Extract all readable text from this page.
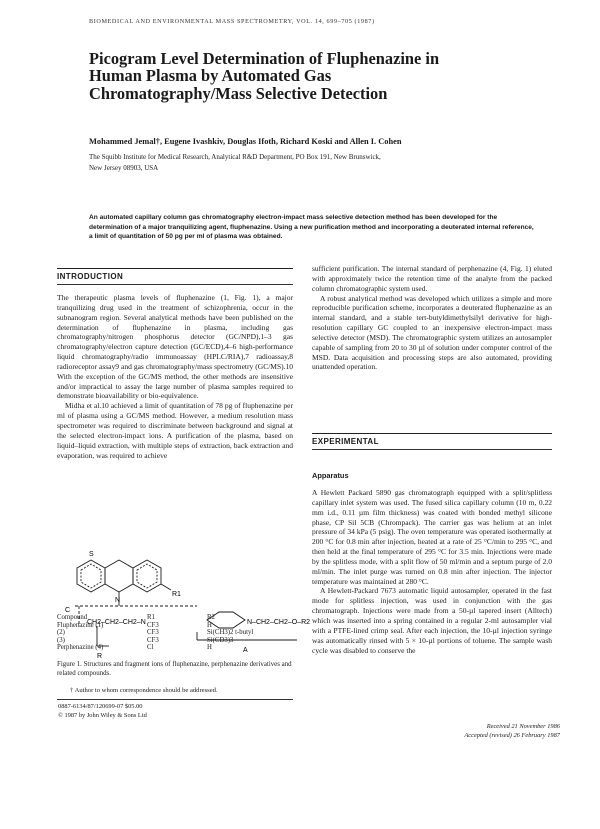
BIOMEDICAL AND ENVIRONMENTAL MASS SPECTROMETRY, VOL. 14, 699–705 (1987)
Picogram Level Determination of Fluphenazine in
Human Plasma by Automated Gas
Chromatography/Mass Selective Detection
Mohammed Jemal†, Eugene Ivashkiv, Douglas Ifoth, Richard Koski and Allen I. Cohen
The Squibb Institute for Medical Research, Analytical R&D Department, PO Box 191, New Brunswick,
New Jersey 08903, USA
An automated capillary column gas chromatography electron-impact mass selective detection method has been developed for the determination of a major tranquilizing agent, fluphenazine. Using a new purification method and incorporating a deuterated internal reference, a limit of quantitation of 50 pg per ml of plasma was obtained.
INTRODUCTION

The therapeutic plasma levels of fluphenazine (1, Fig. 1), a major tranquilizing drug used in the treatment of schizophrenia, occur in the subnanogram region. Several analytical methods have been published on the determination of fluphenazine in plasma, including gas chromatography/nitrogen phosphorus detector (GC/NPD),1–3 gas chromatography/electron capture detection (GC/ECD),4–6 high-performance liquid chromatography/radio immunoassay (HPLC/RIA),7 radioassay,8 radioreceptor assay9 and gas chromatography/mass spectrometry (GC/MS).10 With the exception of the GC/MS method, the other methods are insensitive and/or impractical to assay the large number of plasma samples required to demonstrate bioavailability or bio-equivalence.

Midha et al.10 achieved a limit of quantitation of 78 pg of fluphenazine per ml of plasma using a GC/MS method. However, a medium resolution mass spectrometer was required to discriminate between background and signal at the selected electron-impact ions. A purification of the plasma, based on liquid–liquid extraction, with multiple steps of extraction, back extraction and evaporation, was required to achieve

S
N
R1
C
CH2–CH2–CH2–N	N–CH2–CH2–O–R2
R
A
Compound	R1	R2
Fluphenazine (1)	CF3	H
(2)	CF3	Si(CH3)2 t-butyl
(3)	CF3	Si(CD3)3
Perphenazine (4)	Cl	H
Figure 1. Structures and fragment ions of fluphenazine, perphenazine derivatives and related compounds.
† Author to whom correspondence should be addressed.
0887-6134/87/120699-07 $05.00
© 1987 by John Wiley & Sons Ltd

sufficient purification. The internal standard of perphenazine (4, Fig. 1) eluted with approximately twice the retention time of the analyte from the packed column chromatographic system used.

A robust analytical method was developed which utilizes a simple and more reproducible purification scheme, incorporates a deuterated fluphenazine as an internal standard, and a stable tert-butyldimethylsilyl derivative for high-resolution capillary GC coupled to an inexpensive electron-impact mass selective detector (MSD). The chromatographic system utilizes an autosampler capable of sampling from 20 to 30 µl of solution under computer control of the MSD. Data acquisition and processing steps are also automated, providing unattended operation.

EXPERIMENTAL
Apparatus

A Hewlett Packard 5890 gas chromatograph equipped with a split/splitless capillary inlet system was used. The fused silica capillary column (10 m, 0.22 mm i.d., 0.11 µm film thickness) was coated with bonded methyl silicone phase, CP Sil 5CB (Chrompack). The carrier gas was helium at an inlet pressure of 34 kPa (5 psig). The oven temperature was operated isothermally at 200 °C for 0.8 min after injection, heated at a rate of 25 °C/min to 295 °C, and then held at the final temperature of 295 °C for 3.5 min. Injections were made by the splitless mode, with a split flow of 50 ml/min and a septum purge of 2.0 ml/min. The inlet purge was turned on 0.8 min after injection. The injector temperature was maintained at 280 °C.

A Hewlett-Packard 7673 automatic liquid autosampler, operated in the fast mode for splitless injection, was used in conjunction with the gas chromatograph. Injections were made from a 50-µl tapered insert (Alltech) which was inserted into a spring contained in a regular 2-ml autosampler vial with a PTFE-lined crimp seal. After each injection, the 10-µl injection syringe was automatically rinsed with 5 × 10-µl portions of toluene. The sample wash cycle was disabled to conserve the

Received 21 November 1986
Accepted (revised) 26 February 1987
